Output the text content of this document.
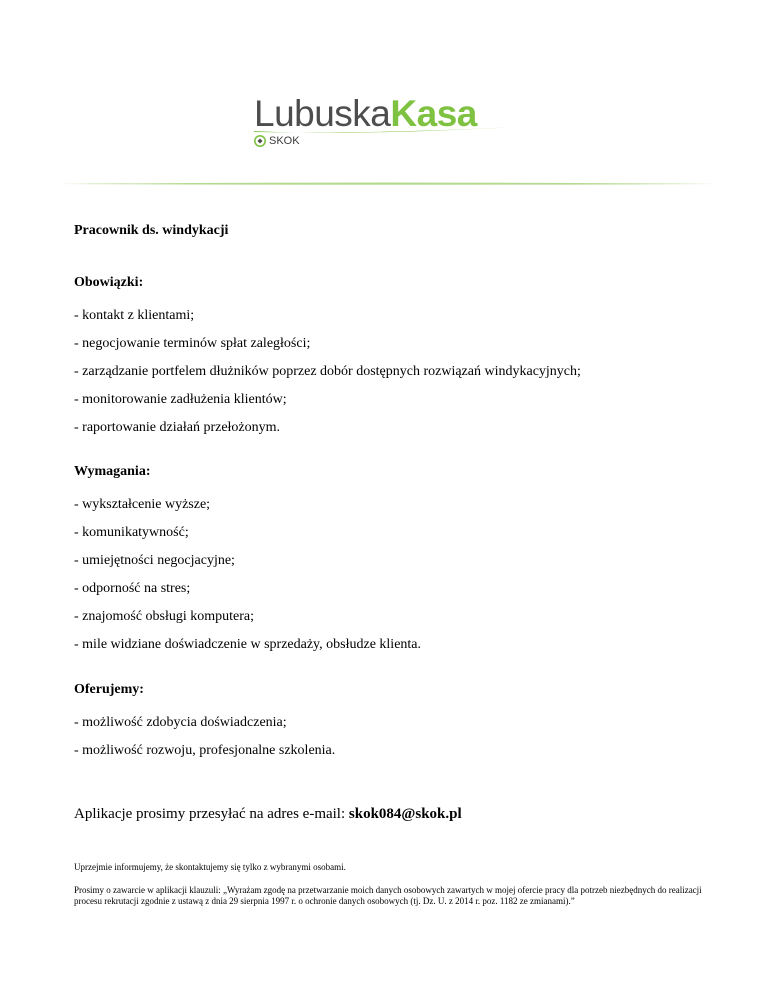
LubuskaKasa
SKOK

Pracownik ds. windykacji

Obowiązki:

- kontakt z klientami;

- negocjowanie terminów spłat zaległości;

- zarządzanie portfelem dłużników poprzez dobór dostępnych rozwiązań windykacyjnych;

- monitorowanie zadłużenia klientów;

- raportowanie działań przełożonym.

Wymagania:

- wykształcenie wyższe;

- komunikatywność;

- umiejętności negocjacyjne;

- odporność na stres;

- znajomość obsługi komputera;

- mile widziane doświadczenie w sprzedaży, obsłudze klienta.

Oferujemy:

- możliwość zdobycia doświadczenia;

- możliwość rozwoju, profesjonalne szkolenia.

Aplikacje prosimy przesyłać na adres e-mail: skok084@skok.pl

Uprzejmie informujemy, że skontaktujemy się tylko z wybranymi osobami.

Prosimy o zawarcie w aplikacji klauzuli: „Wyrażam zgodę na przetwarzanie moich danych osobowych zawartych w mojej ofercie pracy dla potrzeb niezbędnych do realizacji procesu rekrutacji zgodnie z ustawą z dnia 29 sierpnia 1997 r. o ochronie danych osobowych (tj. Dz. U. z 2014 r. poz. 1182 ze zmianami).”
